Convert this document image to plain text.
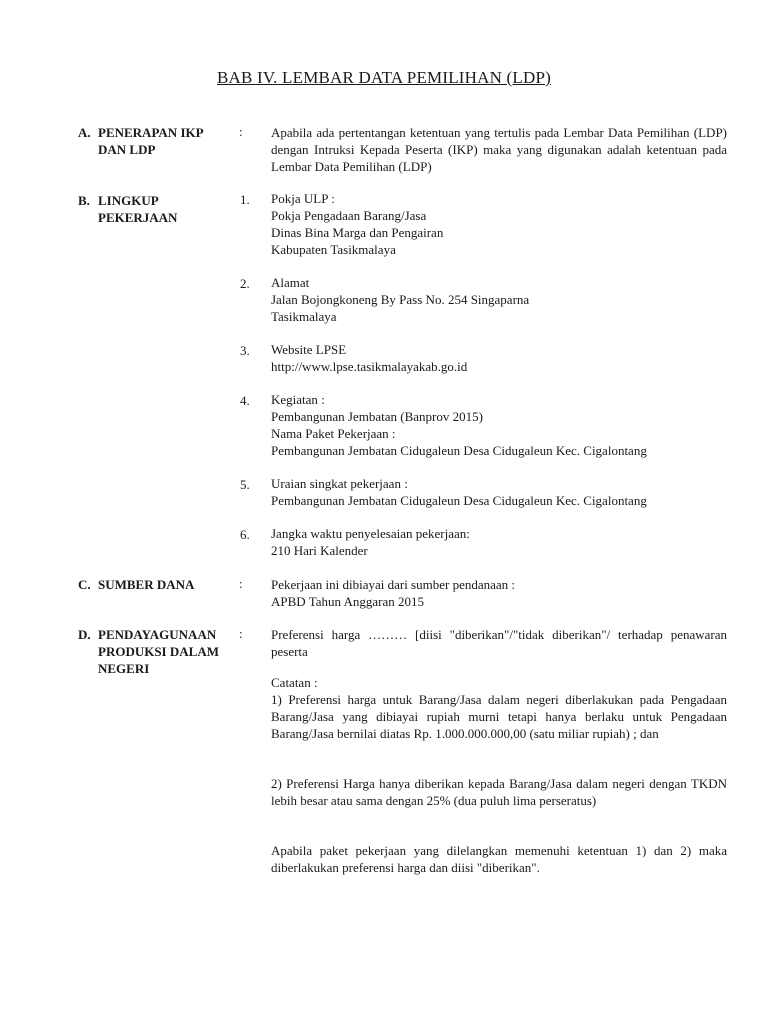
BAB IV. LEMBAR DATA PEMILIHAN (LDP)
A. PENERAPAN IKP DAN LDP
: Apabila ada pertentangan ketentuan yang tertulis pada Lembar Data Pemilihan (LDP) dengan Intruksi Kepada Peserta (IKP) maka yang digunakan adalah ketentuan pada Lembar Data Pemilihan (LDP)
B. LINGKUP PEKERJAAN
1. Pokja ULP :
Pokja Pengadaan Barang/Jasa
Dinas Bina Marga dan Pengairan
Kabupaten Tasikmalaya
2. Alamat
Jalan Bojongkoneng By Pass No. 254 Singaparna
Tasikmalaya
3. Website LPSE
http://www.lpse.tasikmalayakab.go.id
4. Kegiatan :
Pembangunan Jembatan (Banprov 2015)
Nama Paket Pekerjaan :
Pembangunan Jembatan Cidugaleun Desa Cidugaleun Kec. Cigalontang
5. Uraian singkat pekerjaan :
Pembangunan Jembatan Cidugaleun Desa Cidugaleun Kec. Cigalontang
6. Jangka waktu penyelesaian pekerjaan:
210 Hari Kalender
C. SUMBER DANA	: Pekerjaan ini dibiayai dari sumber pendanaan :
APBD Tahun Anggaran 2015
D. PENDAYAGUNAAN PRODUKSI DALAM NEGERI
: Preferensi harga ……… [diisi "diberikan"/"tidak diberikan"/ terhadap penawaran peserta
Catatan :
1) Preferensi harga untuk Barang/Jasa dalam negeri diberlakukan pada Pengadaan Barang/Jasa yang dibiayai rupiah murni tetapi hanya berlaku untuk Pengadaan Barang/Jasa bernilai diatas Rp. 1.000.000.000,00 (satu miliar rupiah) ; dan
2) Preferensi Harga hanya diberikan kepada Barang/Jasa dalam negeri dengan TKDN lebih besar atau sama dengan 25% (dua puluh lima perseratus)
Apabila paket pekerjaan yang dilelangkan memenuhi ketentuan 1) dan 2) maka diberlakukan preferensi harga dan diisi "diberikan".
